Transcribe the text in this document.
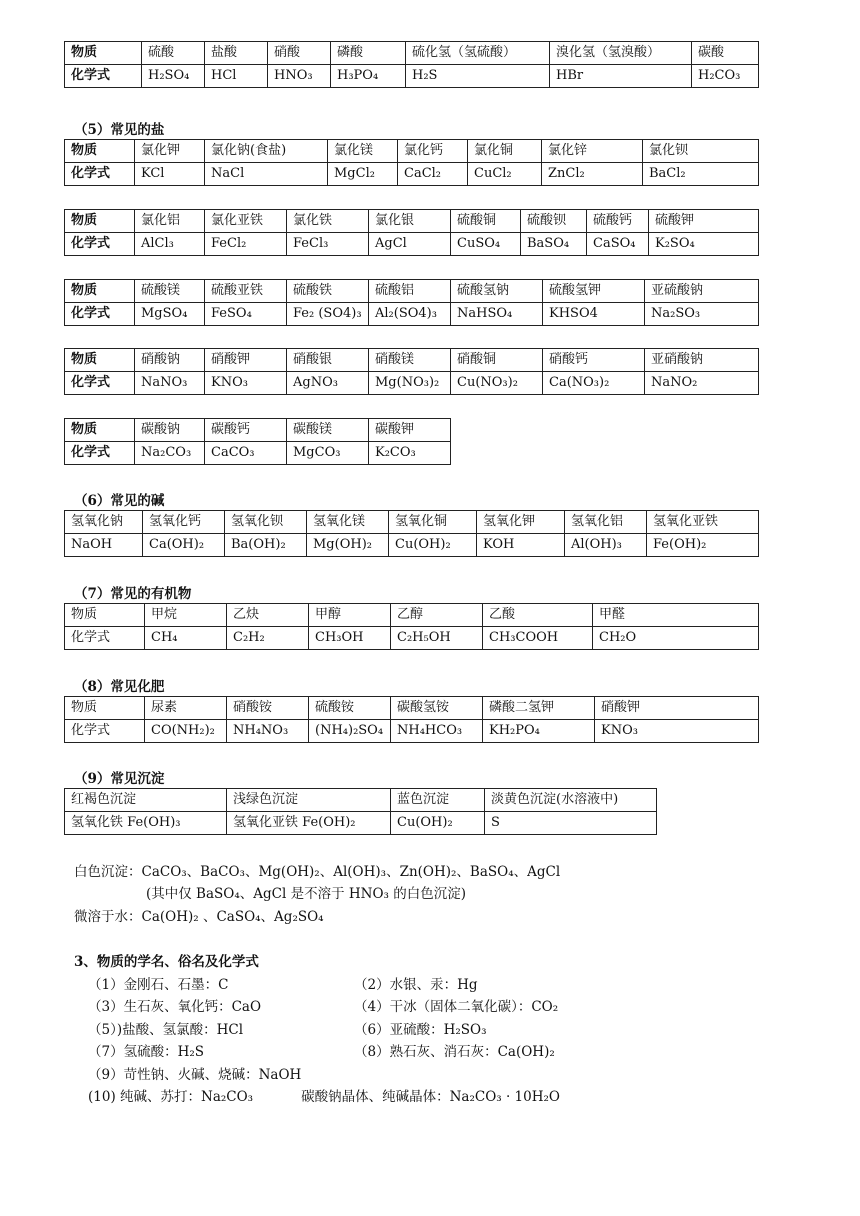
物质	硫酸	盐酸	硝酸	磷酸	硫化氢（氢硫酸）	溴化氢（氢溴酸）	碳酸
化学式	H₂SO₄	HCl	HNO₃	H₃PO₄	H₂S	HBr	H₂CO₃
（5）常见的盐
物质	氯化钾	氯化钠(食盐)	氯化镁	氯化钙	氯化铜	氯化锌	氯化钡
化学式	KCl	NaCl	MgCl₂	CaCl₂	CuCl₂	ZnCl₂	BaCl₂
物质	氯化铝	氯化亚铁	氯化铁	氯化银	硫酸铜	硫酸钡	硫酸钙	硫酸钾
化学式	AlCl₃	FeCl₂	FeCl₃	AgCl	CuSO₄	BaSO₄	CaSO₄	K₂SO₄
物质	硫酸镁	硫酸亚铁	硫酸铁	硫酸铝	硫酸氢钠	硫酸氢钾	亚硫酸钠
化学式	MgSO₄	FeSO₄	Fe₂ (SO4)₃	Al₂(SO4)₃	NaHSO₄	KHSO4	Na₂SO₃
物质	硝酸钠	硝酸钾	硝酸银	硝酸镁	硝酸铜	硝酸钙	亚硝酸钠
化学式	NaNO₃	KNO₃	AgNO₃	Mg(NO₃)₂	Cu(NO₃)₂	Ca(NO₃)₂	NaNO₂
物质	碳酸钠	碳酸钙	碳酸镁	碳酸钾
化学式	Na₂CO₃	CaCO₃	MgCO₃	K₂CO₃
（6）常见的碱
氢氧化钠	氢氧化钙	氢氧化钡	氢氧化镁	氢氧化铜	氢氧化钾	氢氧化铝	氢氧化亚铁
NaOH	Ca(OH)₂	Ba(OH)₂	Mg(OH)₂	Cu(OH)₂	KOH	Al(OH)₃	Fe(OH)₂
（7）常见的有机物
物质	甲烷	乙炔	甲醇	乙醇	乙酸	甲醛
化学式	CH₄	C₂H₂	CH₃OH	C₂H₅OH	CH₃COOH	CH₂O
（8）常见化肥
物质	尿素	硝酸铵	硫酸铵	碳酸氢铵	磷酸二氢钾	硝酸钾
化学式	CO(NH₂)₂	NH₄NO₃	(NH₄)₂SO₄	NH₄HCO₃	KH₂PO₄	KNO₃
（9）常见沉淀
红褐色沉淀	浅绿色沉淀	蓝色沉淀	淡黄色沉淀(水溶液中)
氢氧化铁 Fe(OH)₃	氢氧化亚铁 Fe(OH)₂	Cu(OH)₂	S
白色沉淀：CaCO₃、BaCO₃、Mg(OH)₂、Al(OH)₃、Zn(OH)₂、BaSO₄、AgCl
(其中仅 BaSO₄、AgCl 是不溶于 HNO₃ 的白色沉淀)
微溶于水：Ca(OH)₂ 、CaSO₄、Ag₂SO₄
3、物质的学名、俗名及化学式
（1）金刚石、石墨：C
（3）生石灰、氧化钙：CaO
（5）)盐酸、氢氯酸：HCl
（7）氢硫酸：H₂S
（9）苛性钠、火碱、烧碱：NaOH
（2）水银、汞：Hg
（4）干冰（固体二氧化碳）：CO₂
（6）亚硫酸：H₂SO₃
（8）熟石灰、消石灰：Ca(OH)₂
(10) 纯碱、苏打：Na₂CO₃	碳酸钠晶体、纯碱晶体：Na₂CO₃ · 10H₂O
